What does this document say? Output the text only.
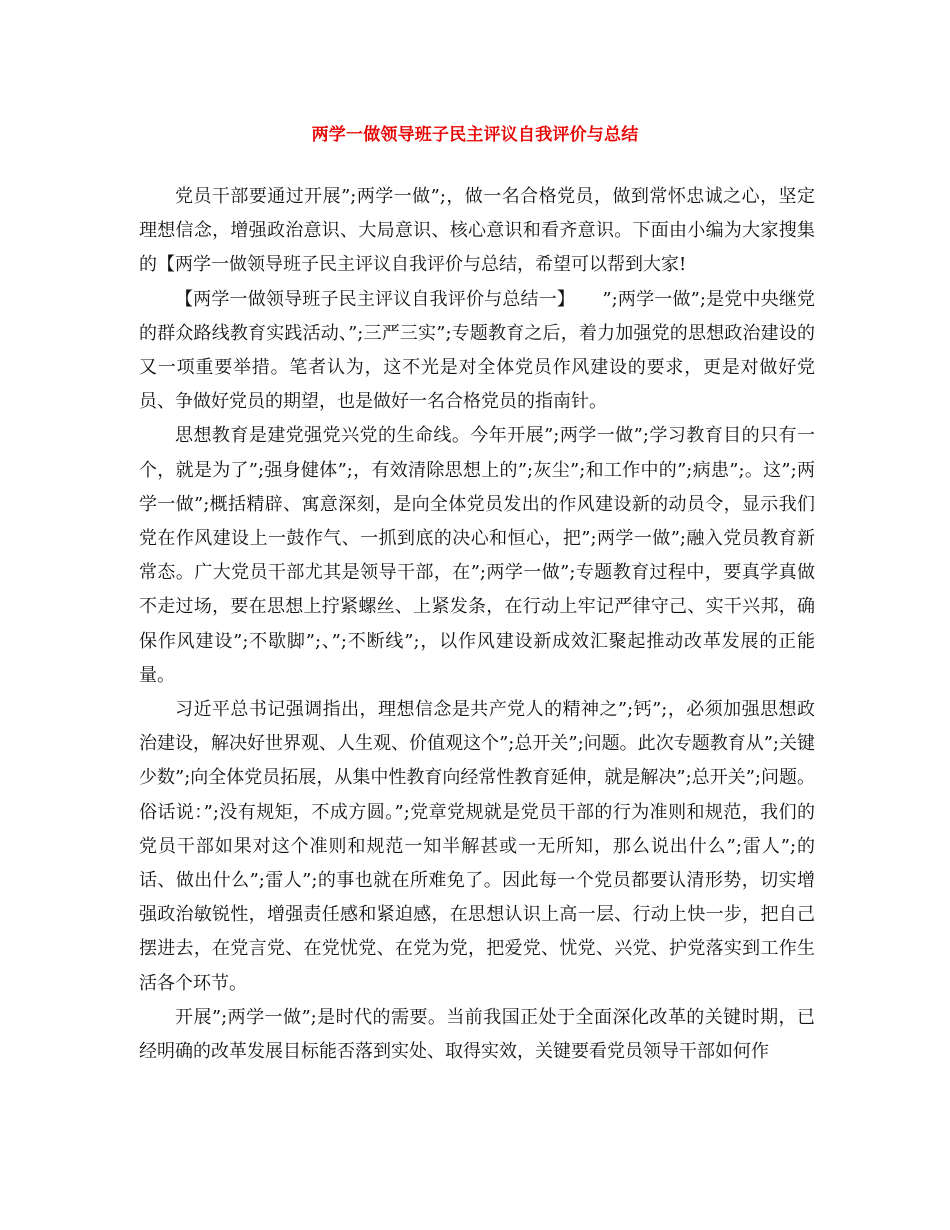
两学一做领导班子民主评议自我评价与总结

党员干部要通过开展”;两学一做”;，做一名合格党员，做到常怀忠诚之心，坚定理想信念，增强政治意识、大局意识、核心意识和看齐意识。下面由小编为大家搜集的【两学一做领导班子民主评议自我评价与总结，希望可以帮到大家!

【两学一做领导班子民主评议自我评价与总结一】　　”;两学一做”;是党中央继党的群众路线教育实践活动、”;三严三实”;专题教育之后，着力加强党的思想政治建设的又一项重要举措。笔者认为，这不光是对全体党员作风建设的要求，更是对做好党员、争做好党员的期望，也是做好一名合格党员的指南针。

思想教育是建党强党兴党的生命线。今年开展”;两学一做”;学习教育目的只有一个，就是为了”;强身健体”;，有效清除思想上的”;灰尘”;和工作中的”;病患”;。这”;两学一做”;概括精辟、寓意深刻，是向全体党员发出的作风建设新的动员令，显示我们党在作风建设上一鼓作气、一抓到底的决心和恒心，把”;两学一做”;融入党员教育新常态。广大党员干部尤其是领导干部，在”;两学一做”;专题教育过程中，要真学真做不走过场，要在思想上拧紧螺丝、上紧发条，在行动上牢记严律守己、实干兴邦，确保作风建设”;不歇脚”;、”;不断线”;，以作风建设新成效汇聚起推动改革发展的正能量。

习近平总书记强调指出，理想信念是共产党人的精神之”;钙”;，必须加强思想政治建设，解决好世界观、人生观、价值观这个”;总开关”;问题。此次专题教育从”;关键少数”;向全体党员拓展，从集中性教育向经常性教育延伸，就是解决”;总开关”;问题。俗话说：”;没有规矩，不成方圆。”;党章党规就是党员干部的行为准则和规范，我们的党员干部如果对这个准则和规范一知半解甚或一无所知，那么说出什么”;雷人”;的话、做出什么”;雷人”;的事也就在所难免了。因此每一个党员都要认清形势，切实增强政治敏锐性，增强责任感和紧迫感，在思想认识上高一层、行动上快一步，把自己摆进去，在党言党、在党忧党、在党为党，把爱党、忧党、兴党、护党落实到工作生活各个环节。

开展”;两学一做”;是时代的需要。当前我国正处于全面深化改革的关键时期，已经明确的改革发展目标能否落到实处、取得实效，关键要看党员领导干部如何作
